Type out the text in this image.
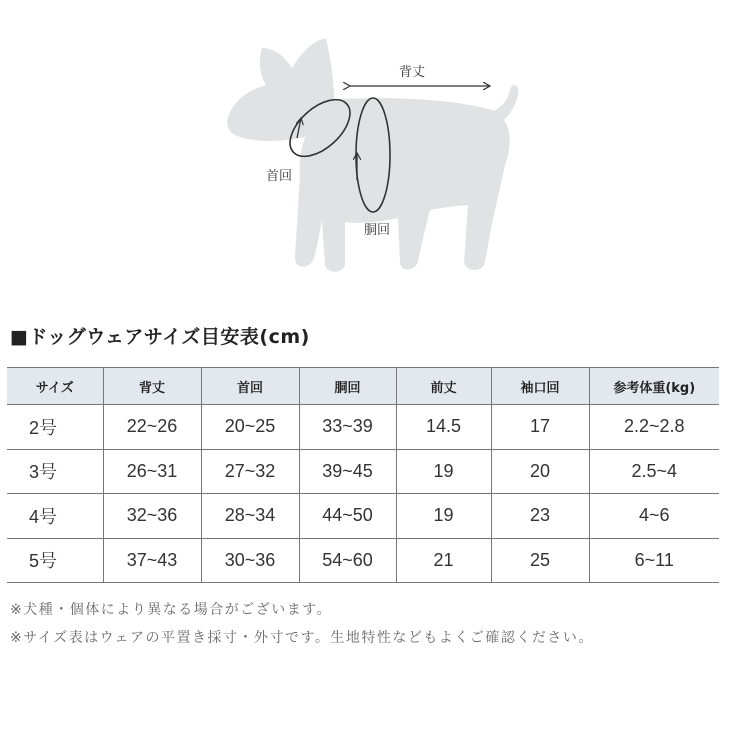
背丈
首回
胴回
■ドッグウェアサイズ目安表(cm)
サイズ	背丈	首回	胴回	前丈	袖口回	参考体重(kg)
2号	22~26	20~25	33~39	14.5	17	2.2~2.8
3号	26~31	27~32	39~45	19	20	2.5~4
4号	32~36	28~34	44~50	19	23	4~6
5号	37~43	30~36	54~60	21	25	6~11

※犬種・個体により異なる場合がございます。

※サイズ表はウェアの平置き採寸・外寸です。生地特性などもよくご確認ください。
